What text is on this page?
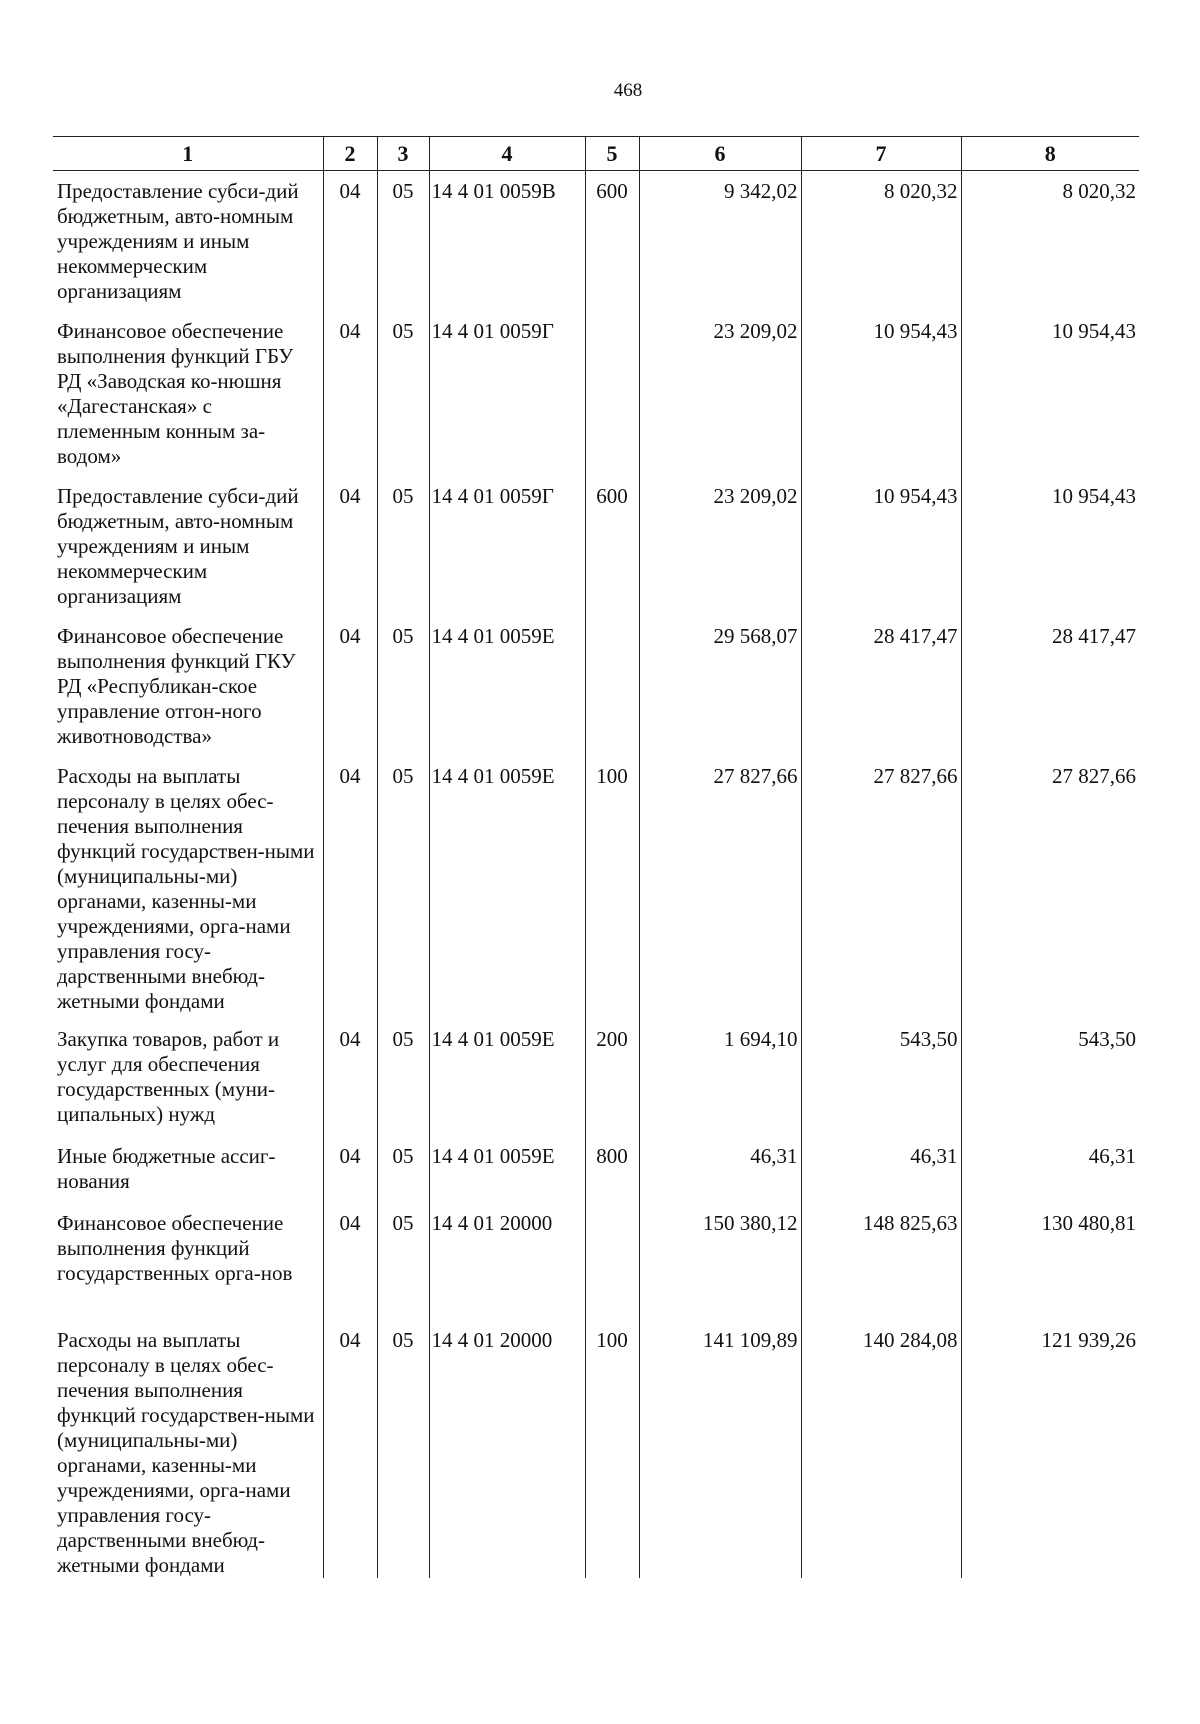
468
1	2	3	4	5	6	7	8
Предоставление субси-дий бюджетным, авто-номным учреждениям и иным некоммерческим организациям	04	05	14 4 01 0059В	600	9 342,02	8 020,32	8 020,32
Финансовое обеспечение выполнения функций ГБУ РД «Заводская ко-нюшня «Дагестанская» с племенным конным за-водом»	04	05	14 4 01 0059Г		23 209,02	10 954,43	10 954,43
Предоставление субси-дий бюджетным, авто-номным учреждениям и иным некоммерческим организациям	04	05	14 4 01 0059Г	600	23 209,02	10 954,43	10 954,43
Финансовое обеспечение выполнения функций ГКУ РД «Республикан-ское управление отгон-ного животноводства»	04	05	14 4 01 0059Е		29 568,07	28 417,47	28 417,47
Расходы на выплаты персоналу в целях обес-печения выполнения функций государствен-ными (муниципальны-ми) органами, казенны-ми учреждениями, орга-нами управления госу-дарственными внебюд-жетными фондами	04	05	14 4 01 0059Е	100	27 827,66	27 827,66	27 827,66
Закупка товаров, работ и услуг для обеспечения государственных (муни-ципальных) нужд	04	05	14 4 01 0059Е	200	1 694,10	543,50	543,50
Иные бюджетные ассиг-нования	04	05	14 4 01 0059Е	800	46,31	46,31	46,31
Финансовое обеспечение выполнения функций государственных орга-нов	04	05	14 4 01 20000		150 380,12	148 825,63	130 480,81
Расходы на выплаты персоналу в целях обес-печения выполнения функций государствен-ными (муниципальны-ми) органами, казенны-ми учреждениями, орга-нами управления госу-дарственными внебюд-жетными фондами	04	05	14 4 01 20000	100	141 109,89	140 284,08	121 939,26
